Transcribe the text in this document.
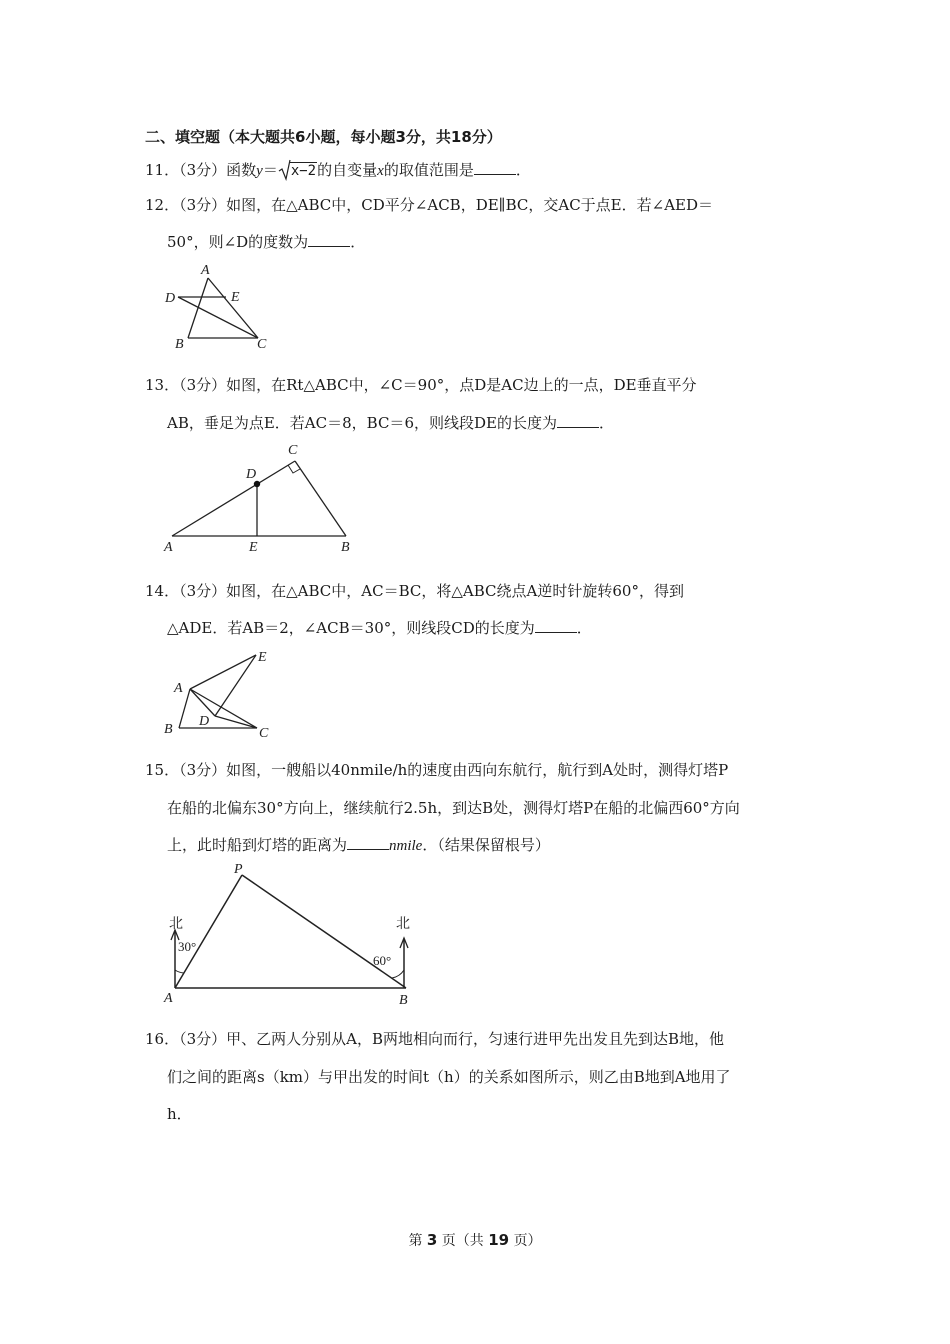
二、填空题（本大题共6小题，每小题3分，共18分）
11．（3分）函数y＝ x−2的自变量x的取值范围是	．
12．（3分）如图，在△ABC中，CD平分∠ACB，DE∥BC，交AC于点E．若∠AED＝
50°，则∠D的度数为	．
A
D	E
B	C
13．（3分）如图，在Rt△ABC中，∠C＝90°，点D是AC边上的一点，DE垂直平分
AB，垂足为点E．若AC＝8，BC＝6，则线段DE的长度为	．
C
D
A	E	B
14．（3分）如图，在△ABC中，AC＝BC，将△ABC绕点A逆时针旋转60°，得到
△ADE．若AB＝2，∠ACB＝30°，则线段CD的长度为	．
E
A
D
B	C
15．（3分）如图，一艘船以40nmile/h的速度由西向东航行，航行到A处时，测得灯塔P
在船的北偏东30°方向上，继续航行2.5h，到达B处，测得灯塔P在船的北偏西60°方向
上，此时船到灯塔的距离为	nmile．（结果保留根号）
P
北	北
30°
60°
A	B
16．（3分）甲、乙两人分别从A，B两地相向而行，匀速行进甲先出发且先到达B地，他
们之间的距离s（km）与甲出发的时间t（h）的关系如图所示，则乙由B地到A地用了
h．
第 3 页（共 19 页）
